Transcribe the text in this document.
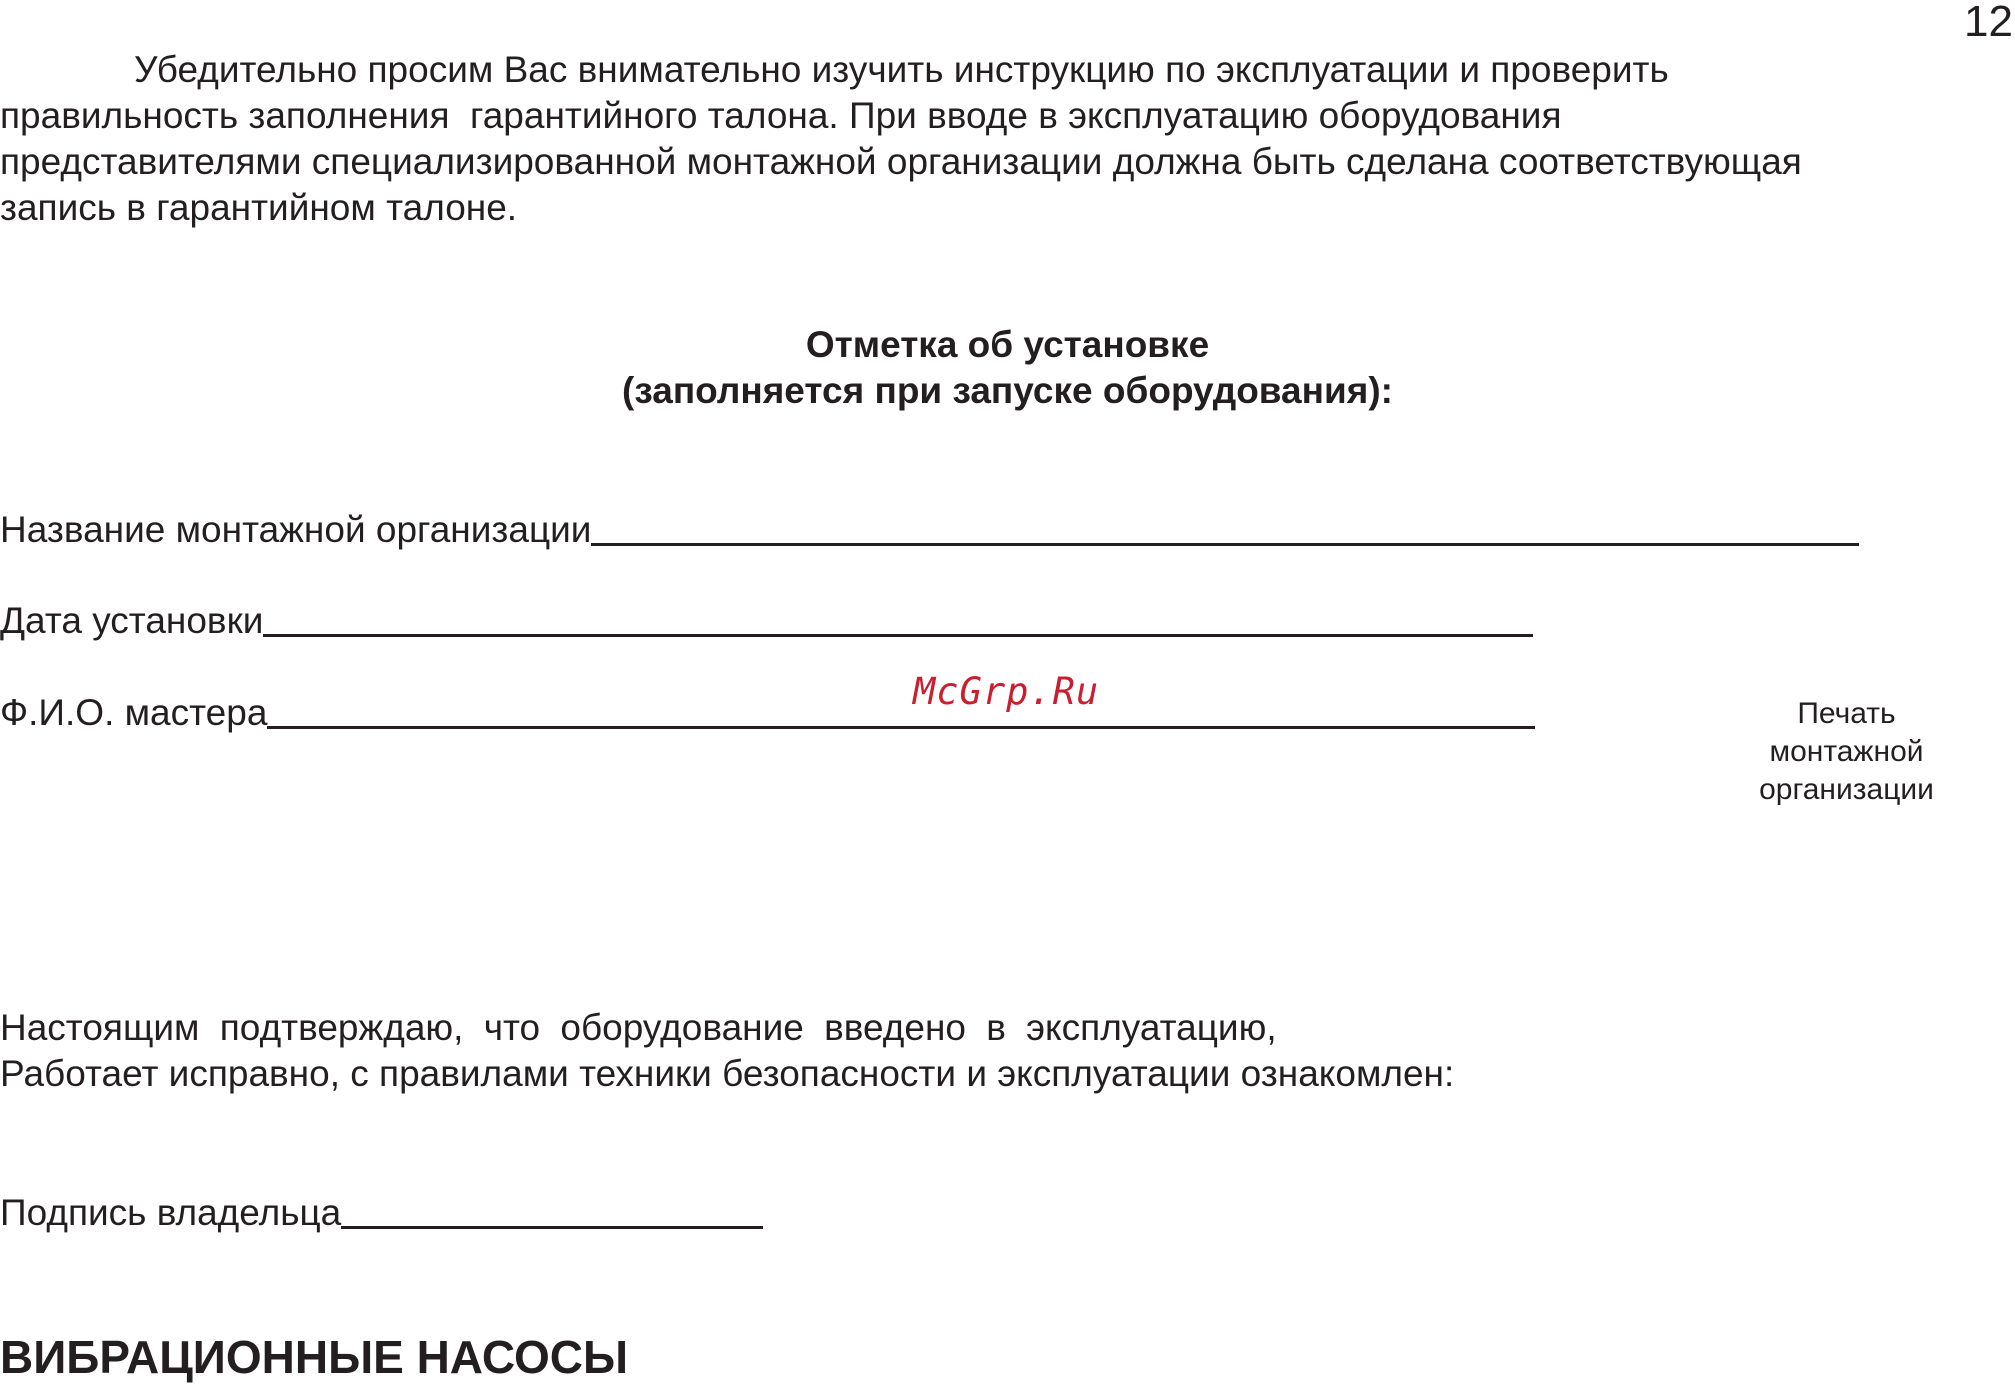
12
Убедительно просим Вас внимательно изучить инструкцию по эксплуатации и проверить
правильность заполнения  гарантийного талона. При вводе в эксплуатацию оборудования
представителями специализированной монтажной организации должна быть сделана соответствующая
запись в гарантийном талоне.
Отметка об установке
(заполняется при запуске оборудования):
Название монтажной организации
Дата установки
Ф.И.О. мастера	McGrp.Ru
Печать
монтажной
организации
Настоящим подтверждаю, что оборудование введено в эксплуатацию,
Работает исправно, с правилами техники безопасности и эксплуатации ознакомлен:
Подпись владельца
ВИБРАЦИОННЫЕ НАСОСЫ
